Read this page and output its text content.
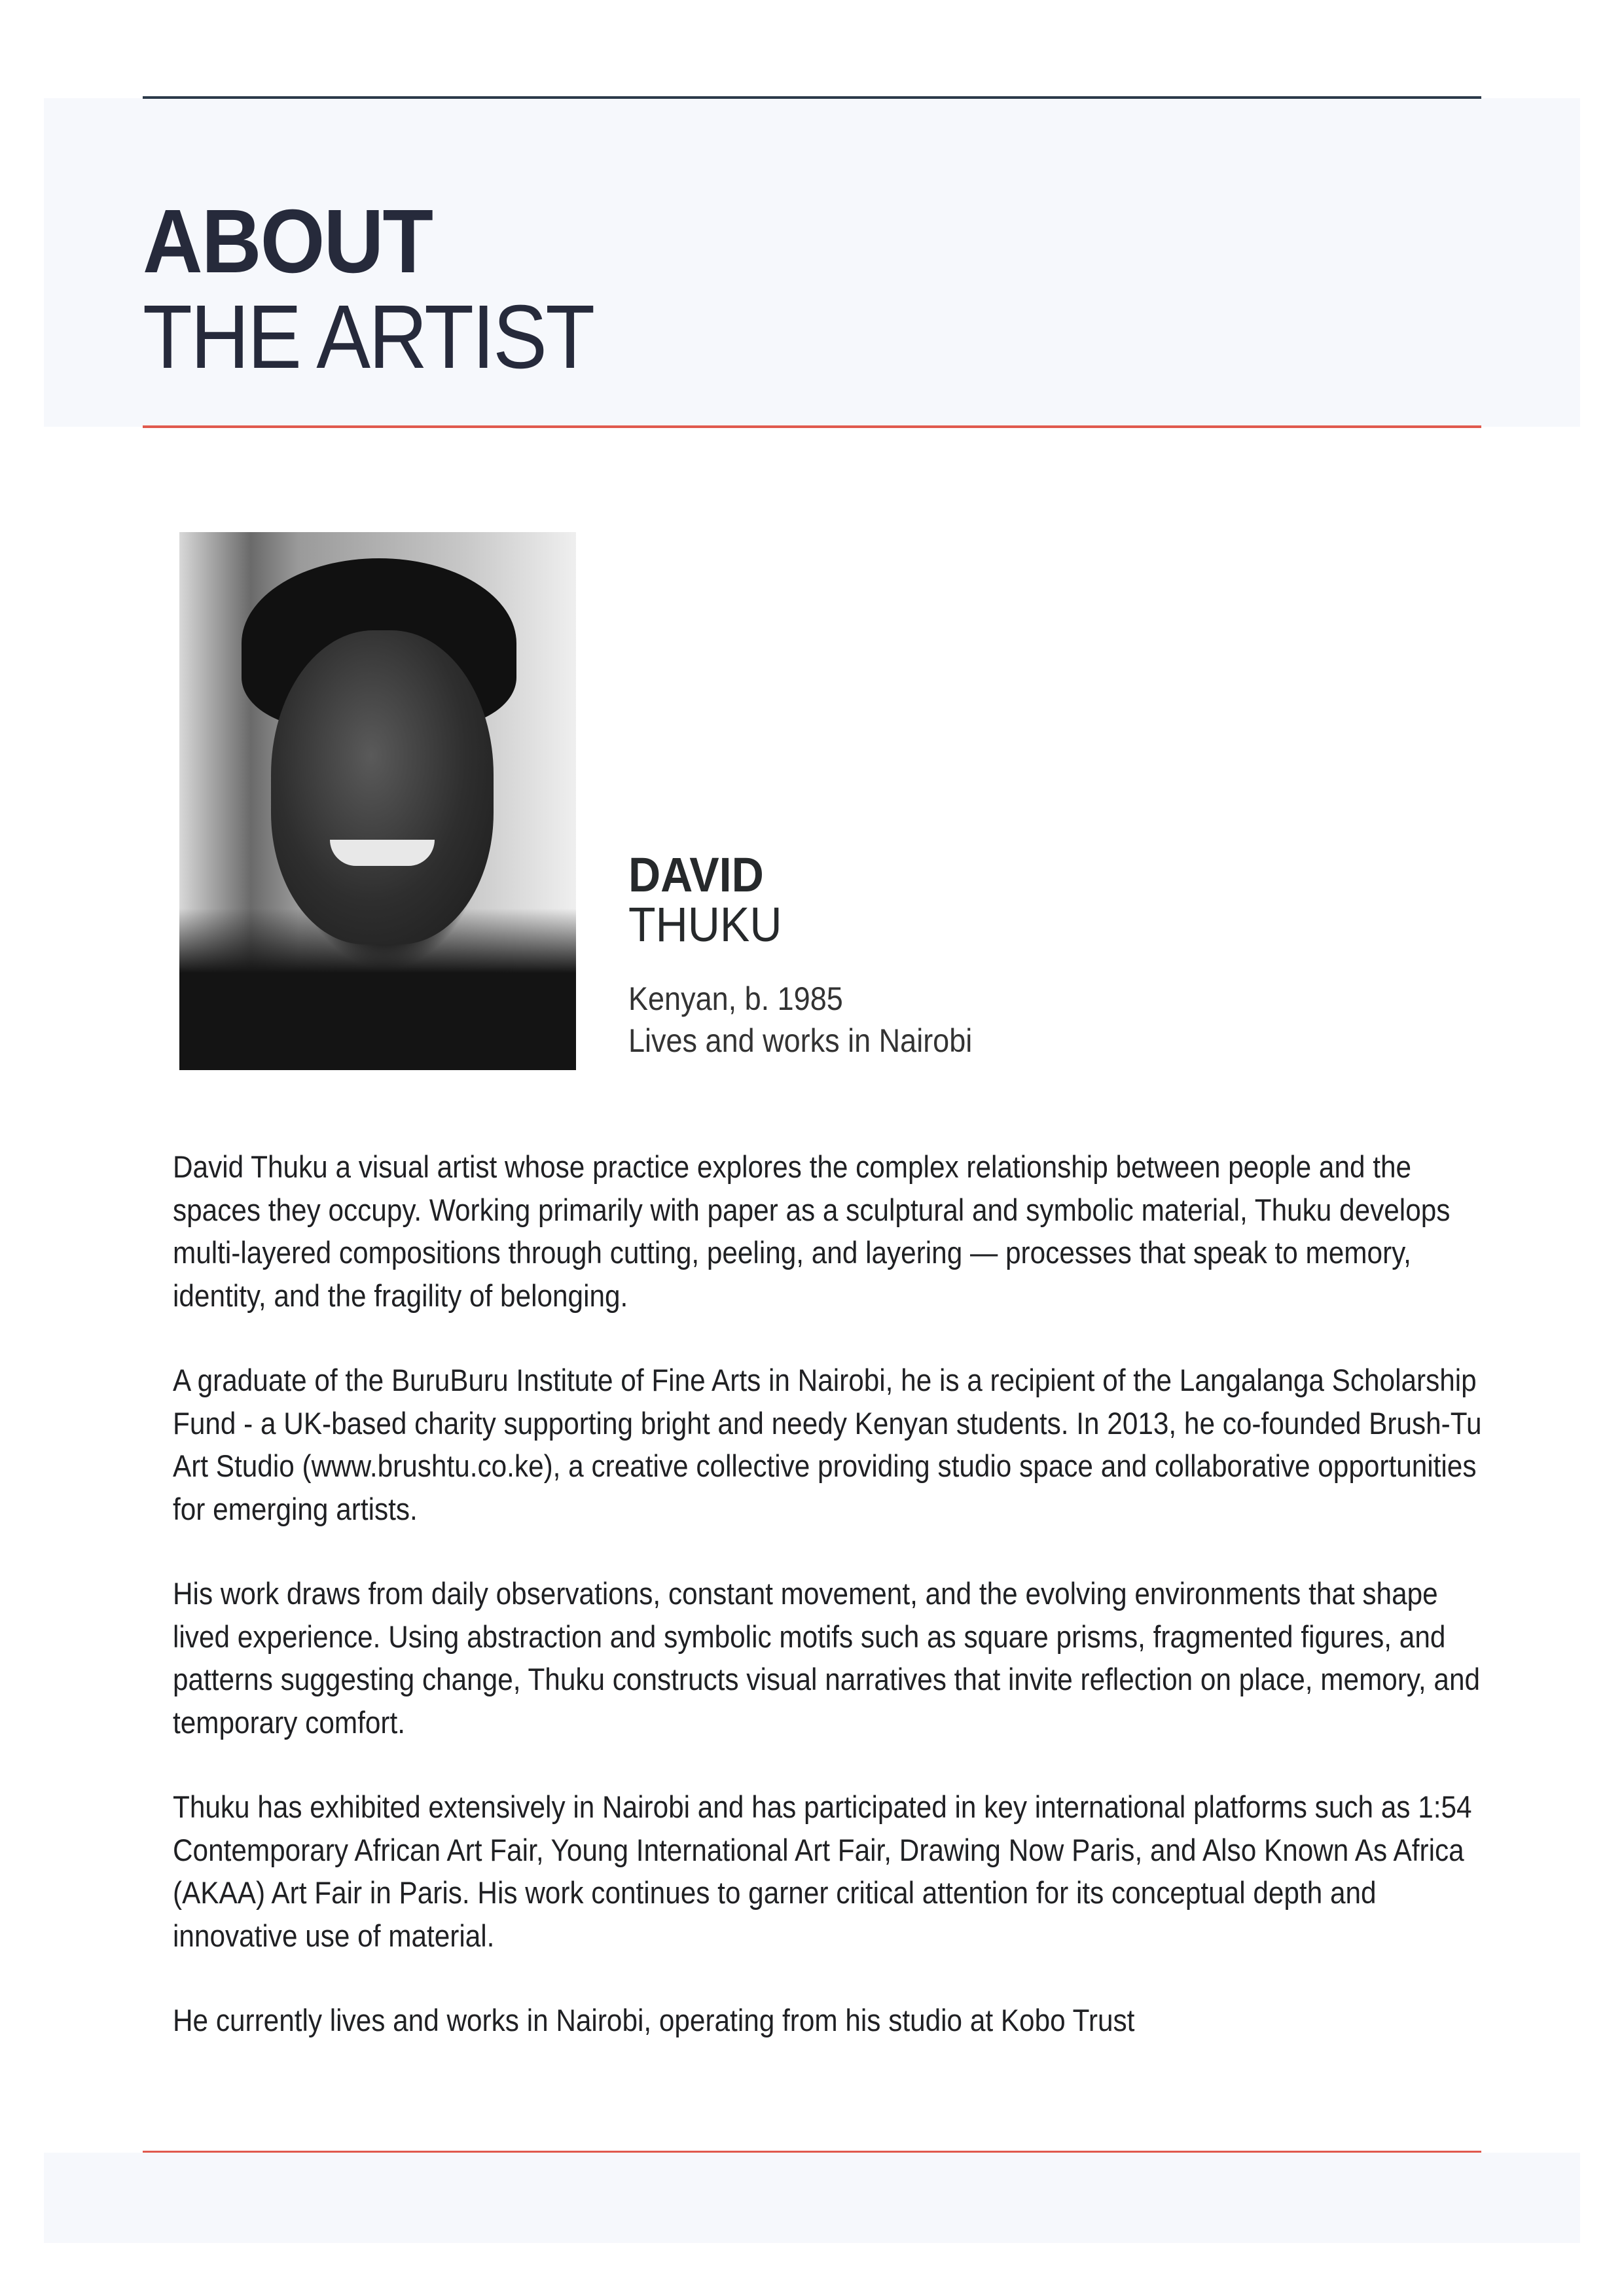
ABOUT
THE ARTIST
DAVID
THUKU
Kenyan, b. 1985
Lives and works in Nairobi

David Thuku a visual artist whose practice explores the complex relationship between people and the spaces they occupy. Working primarily with paper as a sculptural and symbolic material, Thuku develops multi-layered compositions through cutting, peeling, and layering — processes that speak to memory, identity, and the fragility of belonging.

A graduate of the BuruBuru Institute of Fine Arts in Nairobi, he is a recipient of the Langalanga Scholarship Fund - a UK-based charity supporting bright and needy Kenyan students. In 2013, he co-founded Brush-Tu Art Studio (www.brushtu.co.ke), a creative collective providing studio space and collaborative opportunities for emerging artists.

His work draws from daily observations, constant movement, and the evolving environments that shape lived experience. Using abstraction and symbolic motifs such as square prisms, fragmented figures, and patterns suggesting change, Thuku constructs visual narratives that invite reflection on place, memory, and temporary comfort.

Thuku has exhibited extensively in Nairobi and has participated in key international platforms such as 1:54 Contemporary African Art Fair, Young International Art Fair, Drawing Now Paris, and Also Known As Africa (AKAA) Art Fair in Paris. His work continues to garner critical attention for its conceptual depth and innovative use of material.

He currently lives and works in Nairobi, operating from his studio at Kobo Trust
